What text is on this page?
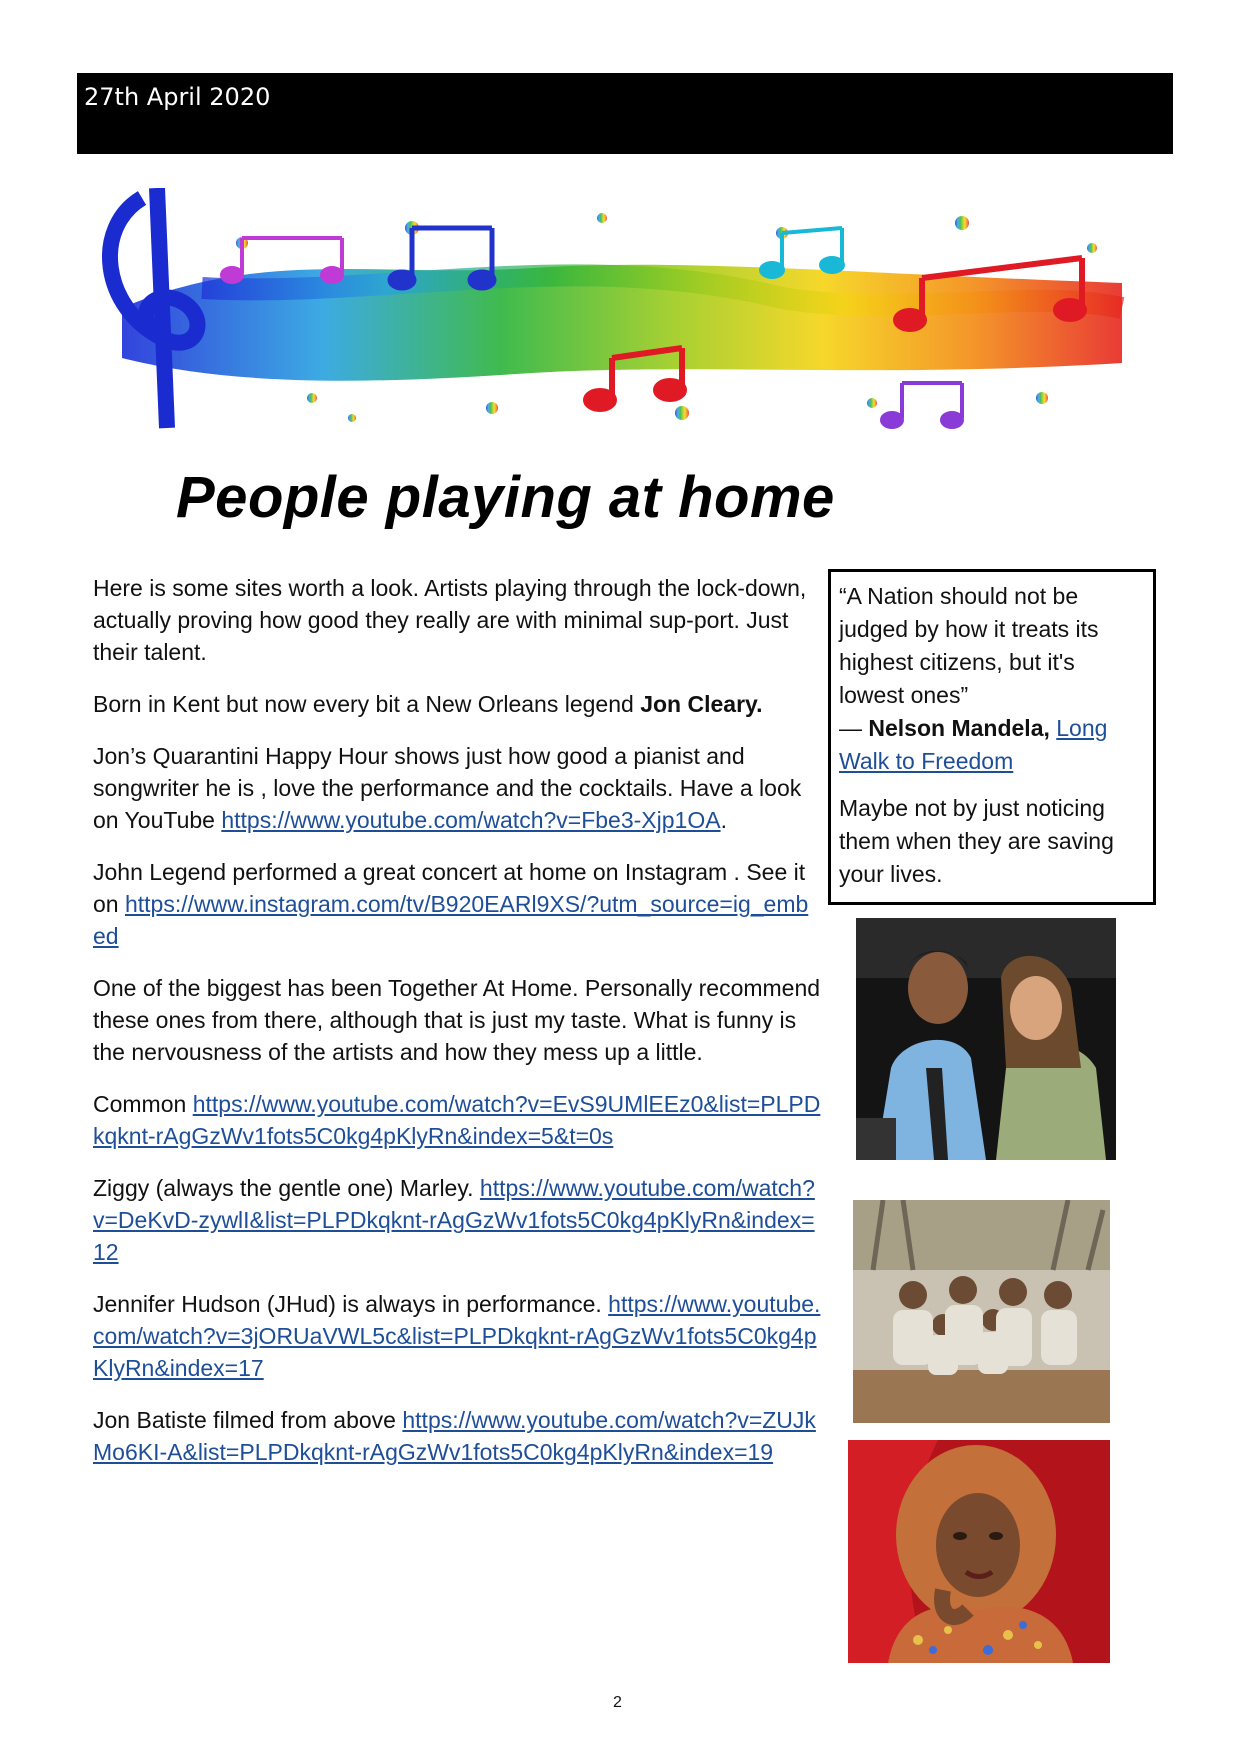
27th April 2020
People playing at home

Here is some sites worth a look. Artists playing through the lock-down, actually proving how good they really are with minimal sup-port. Just their talent.

Born in Kent but now every bit a New Orleans legend Jon Cleary.

Jon’s Quarantini Happy Hour shows just how good a pianist and songwriter he is , love the performance and the cocktails. Have a look on YouTube https://www.youtube.com/watch?v=Fbe3-Xjp1OA.

John Legend performed a great concert at home on Instagram . See it on https://www.instagram.com/tv/B920EARl9XS/?utm_source=ig_embed

One of the biggest has been Together At Home. Personally recommend these ones from there, although that is just my taste. What is funny is the nervousness of the artists and how they mess up a little.

Common https://www.youtube.com/watch?v=EvS9UMlEEz0&list=PLPDkqknt-rAgGzWv1fots5C0kg4pKlyRn&index=5&t=0s

Ziggy (always the gentle one) Marley. https://www.youtube.com/watch?v=DeKvD-zywlI&list=PLPDkqknt-rAgGzWv1fots5C0kg4pKlyRn&index=12

Jennifer Hudson (JHud) is always in performance. https://www.youtube.com/watch?v=3jORUaVWL5c&list=PLPDkqknt-rAgGzWv1fots5C0kg4pKlyRn&index=17

Jon Batiste filmed from above https://www.youtube.com/watch?v=ZUJkMo6KI-A&list=PLPDkqknt-rAgGzWv1fots5C0kg4pKlyRn&index=19

“A Nation should not be judged by how it treats its highest citizens, but it's lowest ones”
— Nelson Mandela, Long Walk to Freedom

Maybe not by just noticing them when they are saving your lives.

2
